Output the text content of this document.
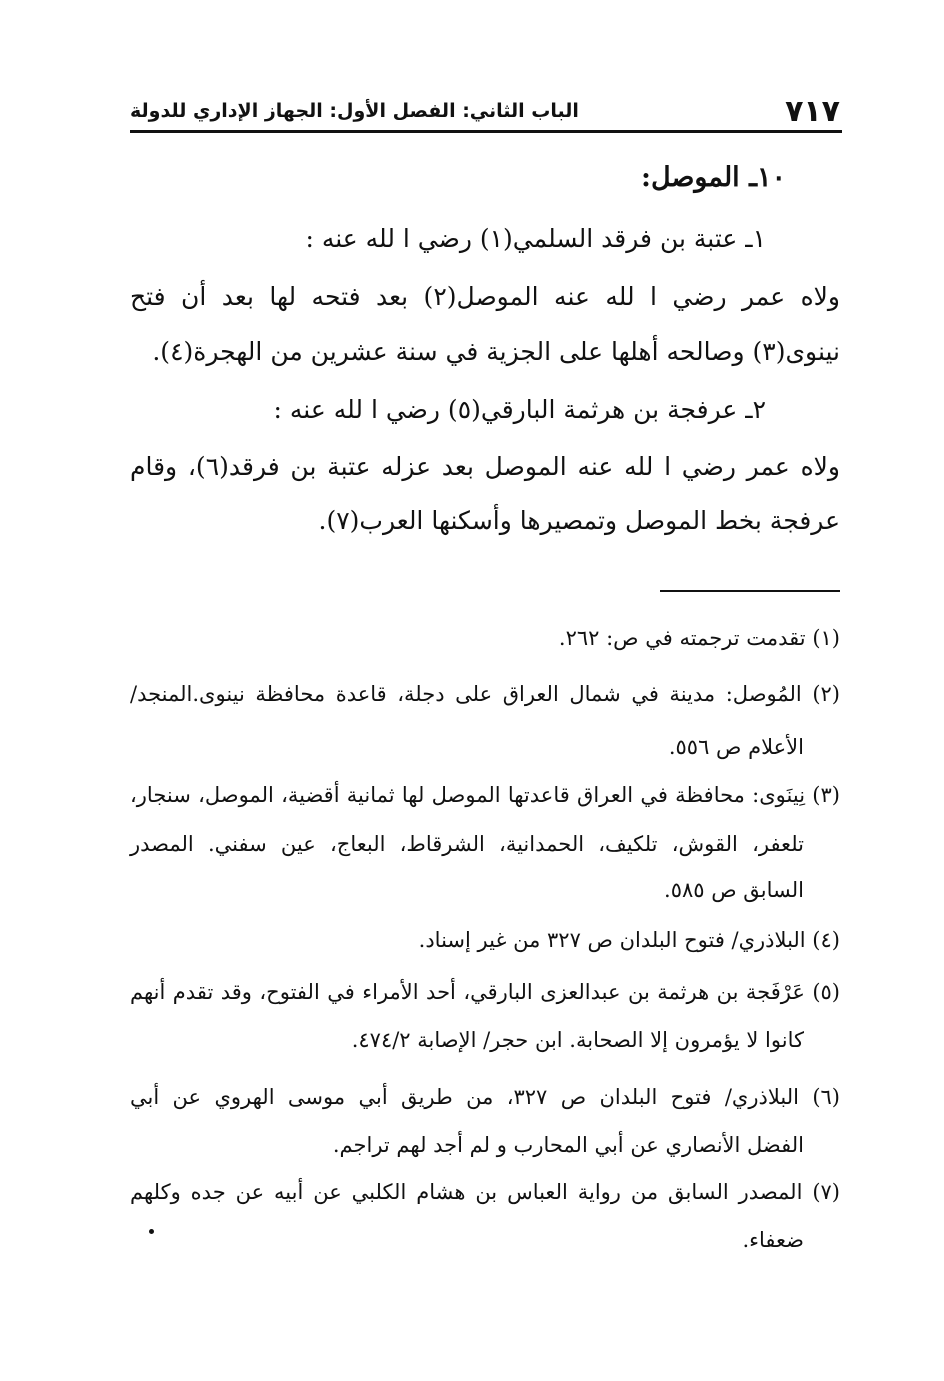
٧١٧
الباب الثاني: الفصل الأول: الجهاز الإداري للدولة
١٠ـ الموصل:
١ـ عتبة بن فرقد السلمي(١) رضي ا لله عنه :
ولاه عمر رضي ا لله عنه الموصل(٢) بعد فتحه لها بعد أن فتح
نينوى(٣) وصالحه أهلها على الجزية في سنة عشرين من الهجرة(٤).
٢ـ عرفجة بن هرثمة البارقي(٥) رضي ا لله عنه :
ولاه عمر رضي ا لله عنه الموصل بعد عزله عتبة بن فرقد(٦)، وقام
عرفجة بخط الموصل وتمصيرها وأسكنها العرب(٧).
(١) تقدمت ترجمته في ص: ٢٦٢.
(٢) المُوصل: مدينة في شمال العراق على دجلة، قاعدة محافظة نينوى.المنجد/
الأعلام ص ٥٥٦.
(٣) نِينَوى: محافظة في العراق قاعدتها الموصل لها ثمانية أقضية، الموصل، سنجار،
تلعفر، القوش، تلكيف، الحمدانية، الشرقاط، البعاج، عين سفني. المصدر
السابق ص ٥٨٥.
(٤) البلاذري/ فتوح البلدان ص ٣٢٧ من غير إسناد.
(٥) عَرْفَجة بن هرثمة بن عبدالعزى البارقي، أحد الأمراء في الفتوح، وقد تقدم أنهم
كانوا لا يؤمرون إلا الصحابة. ابن حجر/ الإصابة ٤٧٤/٢.
(٦) البلاذري/ فتوح البلدان ص ٣٢٧، من طريق أبي موسى الهروي عن أبي
الفضل الأنصاري عن أبي المحارب و لم أجد لهم تراجم.
(٧) المصدر السابق من رواية العباس بن هشام الكلبي عن أبيه عن جده وكلهم
ضعفاء.
